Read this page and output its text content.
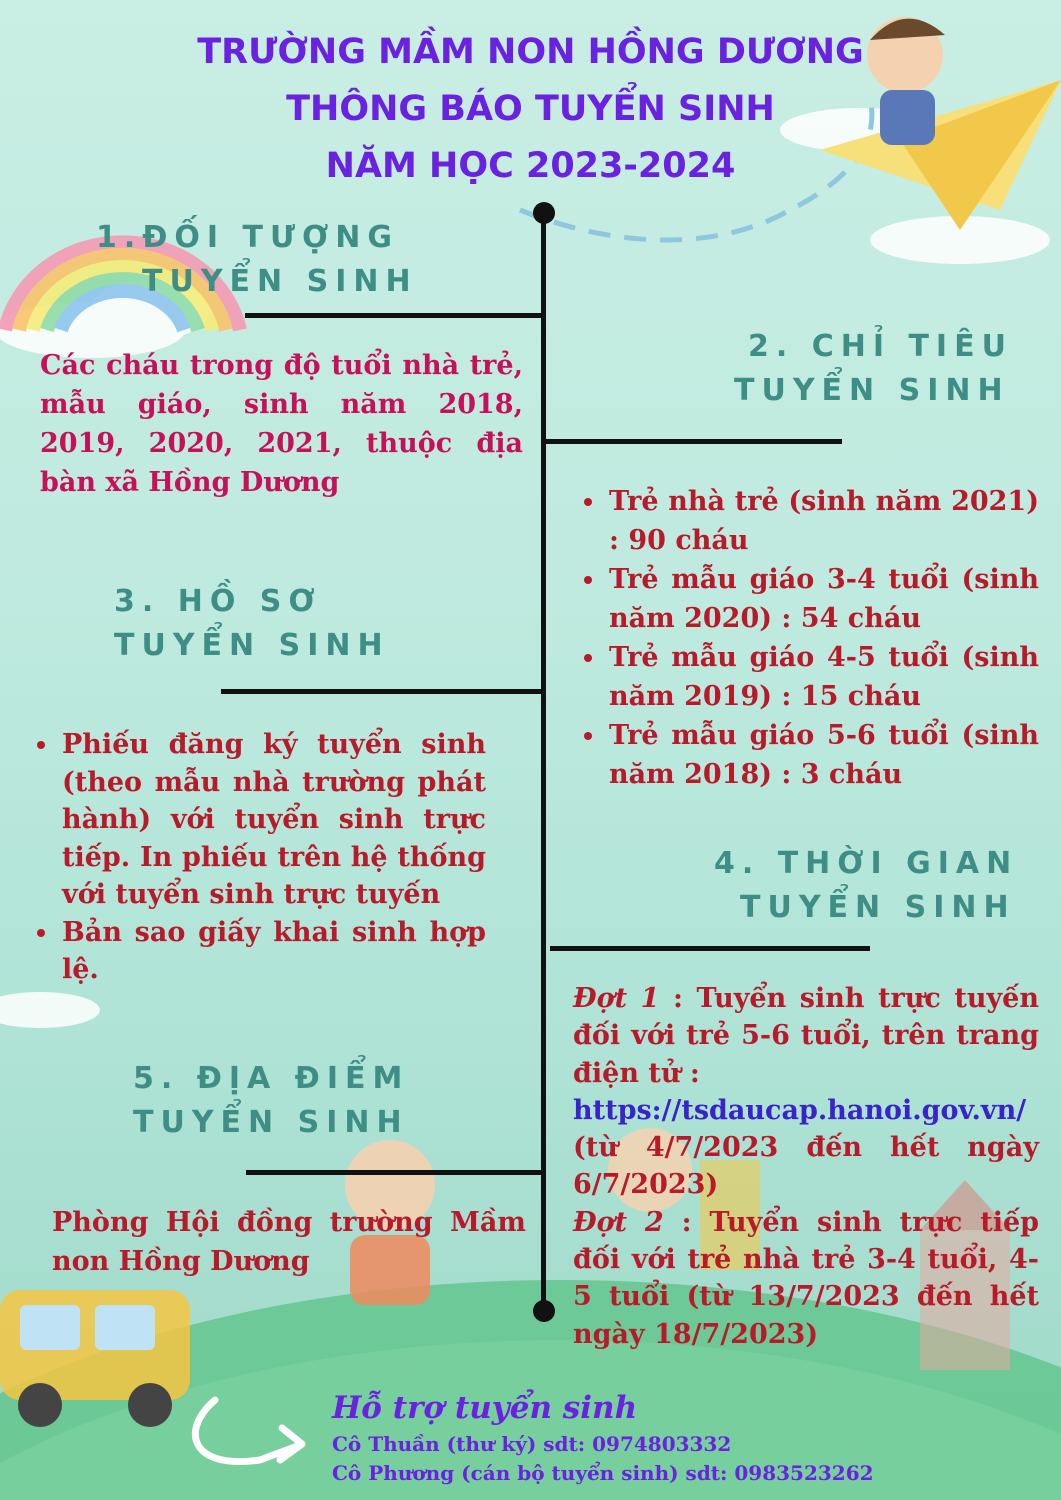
TRƯỜNG MẦM NON HỒNG DƯƠNG
THÔNG BÁO TUYỂN SINH
NĂM HỌC 2023-2024
1.ĐỐI TƯỢNG
TUYỂN SINH
Các cháu trong độ tuổi nhà trẻ, mẫu giáo, sinh năm 2018, 2019, 2020, 2021, thuộc địa bàn xã Hồng Dương
2. CHỈ TIÊU
TUYỂN SINH
• Trẻ nhà trẻ (sinh năm 2021) : 90 cháu
• Trẻ mẫu giáo 3-4 tuổi (sinh năm 2020) : 54 cháu
• Trẻ mẫu giáo 4-5 tuổi (sinh năm 2019) : 15 cháu
• Trẻ mẫu giáo 5-6 tuổi (sinh năm 2018) : 3 cháu
3. HỒ SƠ
TUYỂN SINH
• Phiếu đăng ký tuyển sinh (theo mẫu nhà trường phát hành) với tuyển sinh trực tiếp. In phiếu trên hệ thống với tuyển sinh trực tuyến
• Bản sao giấy khai sinh hợp lệ.
4. THỜI GIAN
TUYỂN SINH
Đợt 1 : Tuyển sinh trực tuyến đối với trẻ 5-6 tuổi, trên trang điện tử :
https://tsdaucap.hanoi.gov.vn/
(từ 4/7/2023 đến hết ngày 6/7/2023)
Đợt 2 : Tuyển sinh trực tiếp đối với trẻ nhà trẻ 3-4 tuổi, 4-5 tuổi (từ 13/7/2023 đến hết ngày 18/7/2023)
5. ĐỊA ĐIỂM
TUYỂN SINH
Phòng Hội đồng trường Mầm non Hồng Dương
Hỗ trợ tuyển sinh
Cô Thuần (thư ký) sdt: 0974803332
Cô Phương (cán bộ tuyển sinh) sdt: 0983523262
